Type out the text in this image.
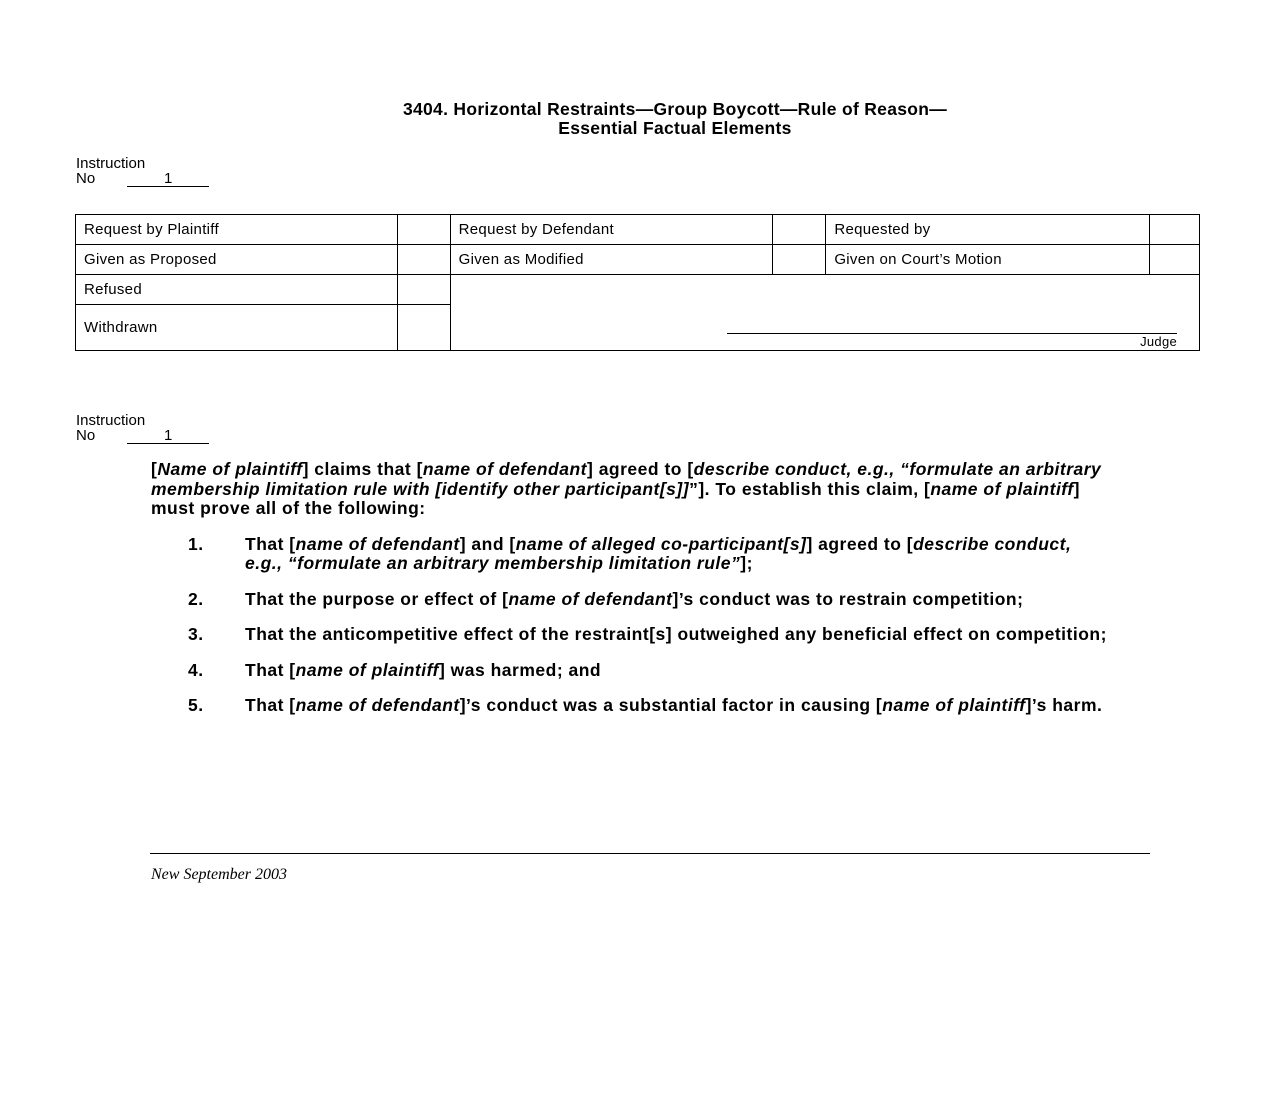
3404. Horizontal Restraints—Group Boycott—Rule of Reason—
Essential Factual Elements
Instruction
No	1
Request by Plaintiff		Request by Defendant		Requested by	
Given as Proposed		Given as Modified		Given on Court’s Motion	
Refused		Judge			

Withdrawn					
Instruction
No	1

[Name of plaintiff] claims that [name of defendant] agreed to [describe conduct, e.g., “formulate an arbitrary membership limitation rule with [identify other participant[s]]”]. To establish this claim, [name of plaintiff] must prove all of the following:

1. That [name of defendant] and [name of alleged co-participant[s]] agreed to [describe conduct, e.g., “formulate an arbitrary membership limitation rule”];
2. That the purpose or effect of [name of defendant]’s conduct was to restrain competition;
3. That the anticompetitive effect of the restraint[s] outweighed any beneficial effect on competition;
4. That [name of plaintiff] was harmed; and
5. That [name of defendant]’s conduct was a substantial factor in causing [name of plaintiff]’s harm.
New September 2003
